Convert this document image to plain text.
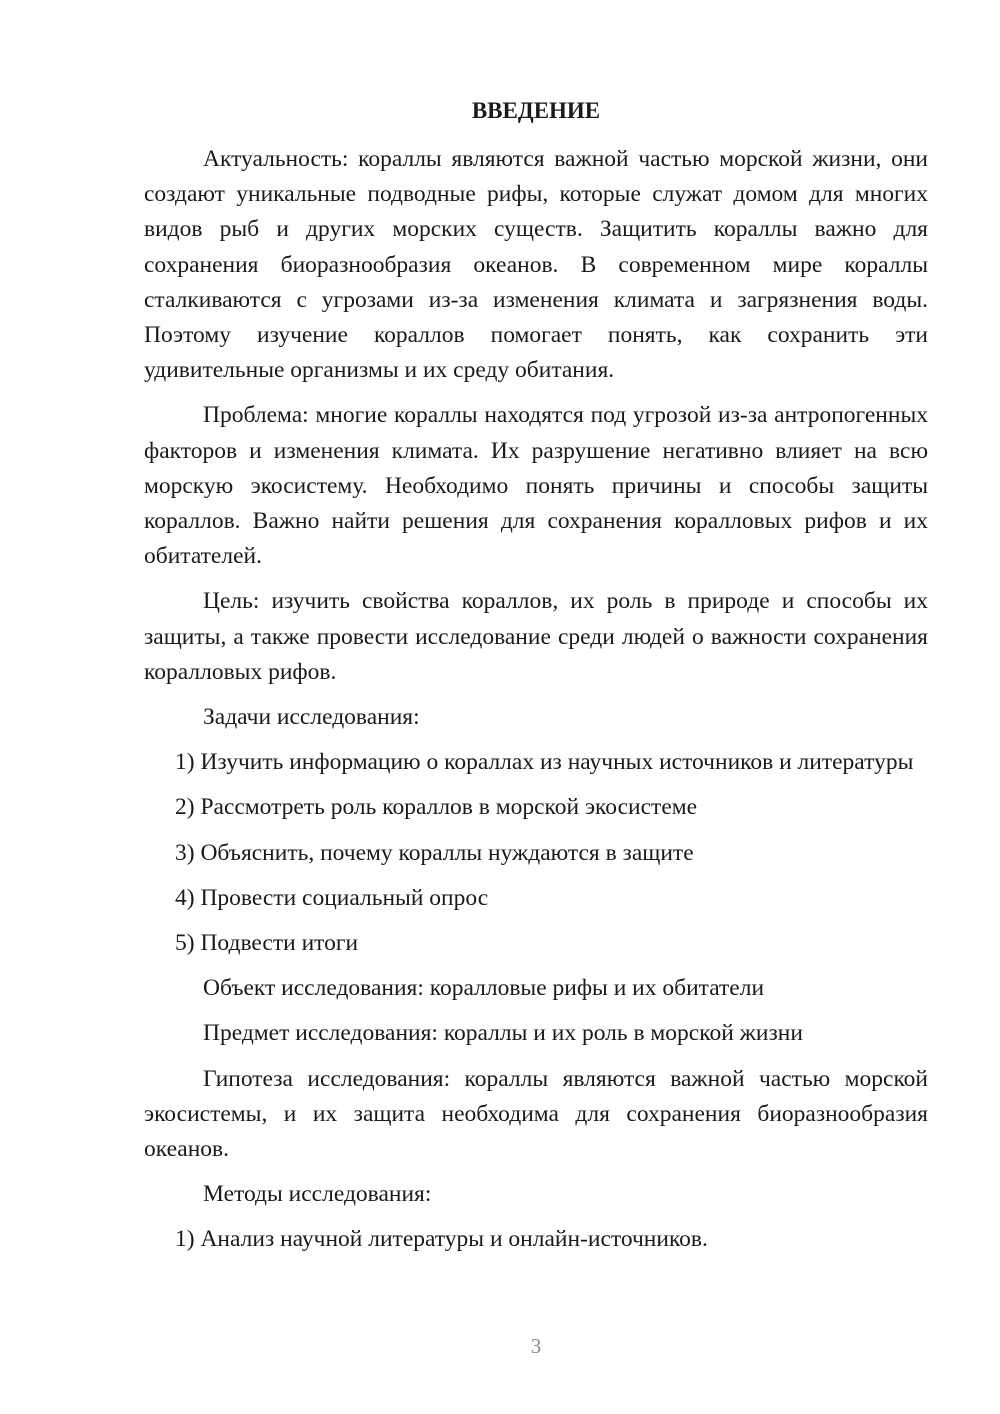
ВВЕДЕНИЕ

Актуальность: кораллы являются важной частью морской жизни, они создают уникальные подводные рифы, которые служат домом для многих видов рыб и других морских существ. Защитить кораллы важно для сохранения биоразнообразия океанов. В современном мире кораллы сталкиваются с угрозами из-за изменения климата и загрязнения воды. Поэтому изучение кораллов помогает понять, как сохранить эти удивительные организмы и их среду обитания.

Проблема: многие кораллы находятся под угрозой из-за антропогенных факторов и изменения климата. Их разрушение негативно влияет на всю морскую экосистему. Необходимо понять причины и способы защиты кораллов. Важно найти решения для сохранения коралловых рифов и их обитателей.

Цель: изучить свойства кораллов, их роль в природе и способы их защиты, а также провести исследование среди людей о важности сохранения коралловых рифов.

Задачи исследования:

1) Изучить информацию о кораллах из научных источников и литературы

2) Рассмотреть роль кораллов в морской экосистеме

3) Объяснить, почему кораллы нуждаются в защите

4) Провести социальный опрос

5) Подвести итоги

Объект исследования: коралловые рифы и их обитатели

Предмет исследования: кораллы и их роль в морской жизни

Гипотеза исследования: кораллы являются важной частью морской экосистемы, и их защита необходима для сохранения биоразнообразия океанов.

Методы исследования:

1) Анализ научной литературы и онлайн-источников.

3
